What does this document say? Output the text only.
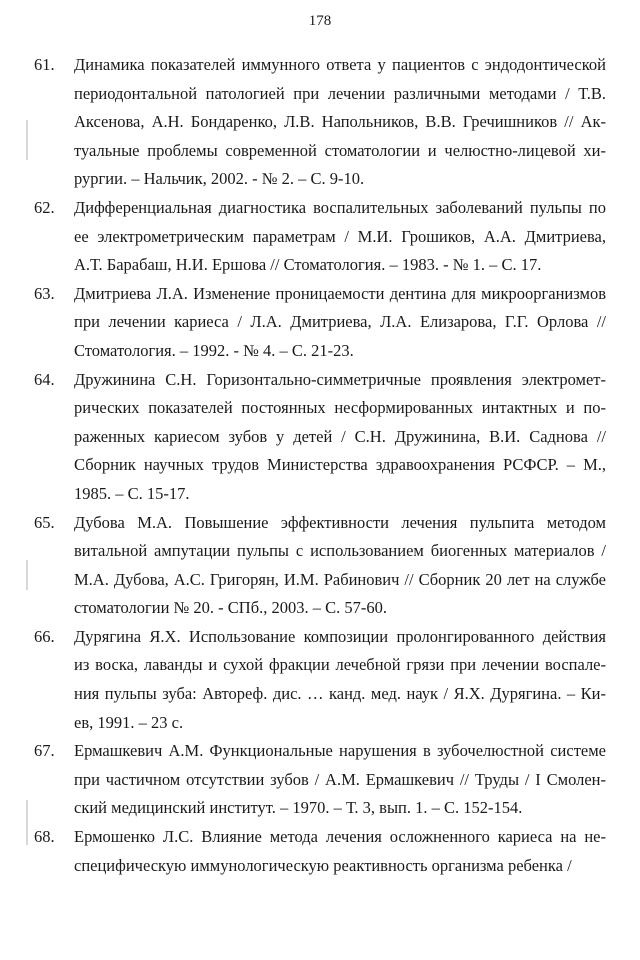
178
61.	Динамика показателей иммунного ответа у пациентов с эндодонтической
периодонтальной патологией при лечении различными методами / Т.В.
Аксенова, А.Н. Бондаренко, Л.В. Напольников, В.В. Гречишников // Ак-
туальные проблемы современной стоматологии и челюстно-лицевой хи-
рургии. – Нальчик, 2002. - № 2. – С. 9-10.
62.	Дифференциальная диагностика воспалительных заболеваний пульпы по
ее электрометрическим параметрам / М.И. Грошиков, А.А. Дмитриева,
А.Т. Барабаш, Н.И. Ершова // Стоматология. – 1983. - № 1. – С. 17.
63.	Дмитриева Л.А. Изменение проницаемости дентина для микроорганизмов
при лечении кариеса / Л.А. Дмитриева, Л.А. Елизарова, Г.Г. Орлова //
Стоматология. – 1992. - № 4. – С. 21-23.
64.	Дружинина С.Н. Горизонтально-симметричные проявления электромет-
рических показателей постоянных несформированных интактных и по-
раженных кариесом зубов у детей / С.Н. Дружинина, В.И. Саднова //
Сборник научных трудов Министерства здравоохранения РСФСР. – М.,
1985. – С. 15-17.
65.	Дубова М.А. Повышение эффективности лечения пульпита методом
витальной ампутации пульпы с использованием биогенных материалов /
М.А. Дубова, А.С. Григорян, И.М. Рабинович // Сборник 20 лет на службе
стоматологии № 20. - СПб., 2003. – С. 57-60.
66.	Дурягина Я.Х. Использование композиции пролонгированного действия
из воска, лаванды и сухой фракции лечебной грязи при лечении воспале-
ния пульпы зуба: Автореф. дис. … канд. мед. наук / Я.Х. Дурягина. – Ки-
ев, 1991. – 23 с.
67.	Ермашкевич А.М. Функциональные нарушения в зубочелюстной системе
при частичном отсутствии зубов / А.М. Ермашкевич // Труды / I Смолен-
ский медицинский институт. – 1970. – Т. 3, вып. 1. – С. 152-154.
68.	Ермошенко Л.С. Влияние метода лечения осложненного кариеса на не-
специфическую иммунологическую реактивность организма ребенка /
